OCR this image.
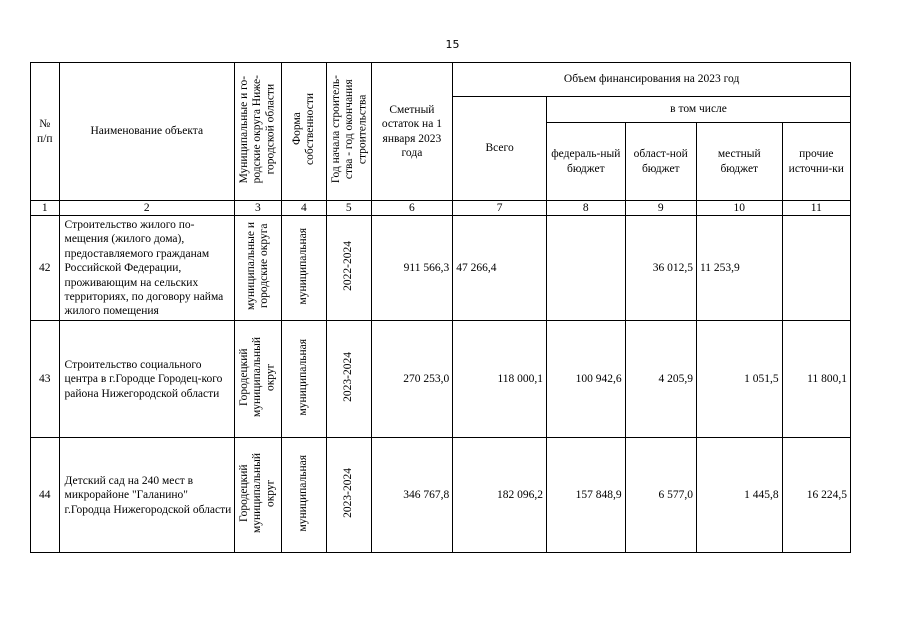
15
№ п/п	Наименование объекта	Муниципальные и го-
родские округа Ниже-
городской области	Форма
собственности	Год начала строитель-
ства - год окончания
строительства	Сметный остаток на 1 января 2023 года	Объем финансирования на 2023 год				
						Всего	в том числе			
							федераль-ный бюджет	област-ной бюджет	местный бюджет	прочие источни-ки
1	2	3	4	5	6	7	8	9	10	11
42	Строительство жилого по-мещения (жилого дома), предоставляемого гражданам Российской Федерации, проживающим на сельских территориях, по договору найма жилого помещения	муниципальные и
городские округа	муниципальная	2022-2024	911 566,3	47 266,4		36 012,5	11 253,9	
43	Строительство социального центра в г.Городце Городец-кого района Нижегородской области	Городецкий
муниципальный
округ	муниципальная	2023-2024	270 253,0	118 000,1	100 942,6	4 205,9	1 051,5	11 800,1
44	Детский сад на 240 мест в микрорайоне "Галанино" г.Городца Нижегородской области	Городецкий
муниципальный
округ	муниципальная	2023-2024	346 767,8	182 096,2	157 848,9	6 577,0	1 445,8	16 224,5
